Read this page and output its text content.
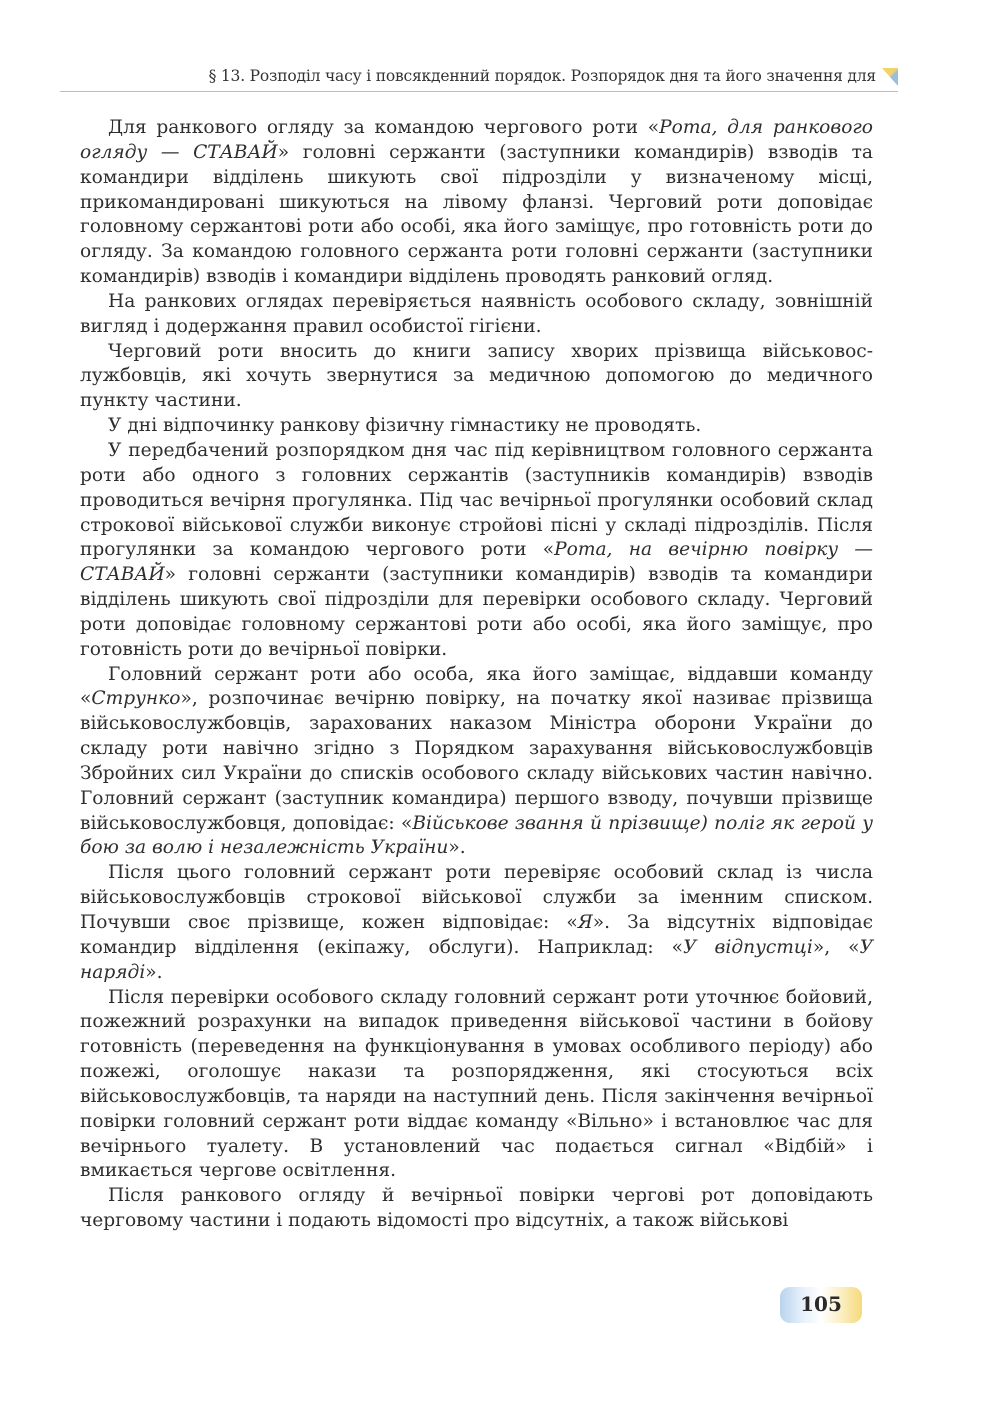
§ 13. Розподіл часу і повсякденний порядок. Розпорядок дня та його значення для

Для ранкового огляду за командою чергового роти «Рота, для ранкового огляду — СТАВАЙ» головні сержанти (заступники командирів) взводів та командири відділень шикують свої підрозділи у визначеному місці, прикомандировані шикуються на лівому фланзі. Черговий роти доповідає головному сержантові роти або особі, яка його заміщує, про готовність роти до огляду. За командою головного сержанта роти головні сержанти (заступники командирів) взводів і командири відділень проводять ранковий огляд.

На ранкових оглядах перевіряється наявність особового складу, зовнішній вигляд і додержання правил особистої гігієни.

Черговий роти вносить до книги запису хворих прізвища військовослужбовців, які хочуть звернутися за медичною допомогою до медичного пункту частини.

У дні відпочинку ранкову фізичну гімнастику не проводять.

У передбачений розпорядком дня час під керівництвом головного сержанта роти або одного з головних сержантів (заступників командирів) взводів проводиться вечірня прогулянка. Під час вечірньої прогулянки особовий склад строкової військової служби виконує стройові пісні у складі підрозділів. Після прогулянки за командою чергового роти «Рота, на вечірню повірку — СТАВАЙ» головні сержанти (заступники командирів) взводів та командири відділень шикують свої підрозділи для перевірки особового складу. Черговий роти доповідає головному сержантові роти або особі, яка його заміщує, про готовність роти до вечірньої повірки.

Головний сержант роти або особа, яка його заміщає, віддавши команду «Струнко», розпочинає вечірню повірку, на початку якої називає прізвища військовослужбовців, зарахованих наказом Міністра оборони України до складу роти навічно згідно з Порядком зарахування військовослужбовців Збройних сил України до списків особового складу військових частин навічно. Головний сержант (заступник командира) першого взводу, почувши прізвище військовослужбовця, доповідає: «Військове звання й прізвище) поліг як герой у бою за волю і незалежність України».

Після цього головний сержант роти перевіряє особовий склад із числа військовослужбовців строкової військової служби за іменним списком. Почувши своє прізвище, кожен відповідає: «Я». За відсутніх відповідає командир відділення (екіпажу, обслуги). Наприклад: «У відпустці», «У наряді».

Після перевірки особового складу головний сержант роти уточнює бойовий, пожежний розрахунки на випадок приведення військової частини в бойову готовність (переведення на функціонування в умовах особливого періоду) або пожежі, оголошує накази та розпорядження, які стосуються всіх військовослужбовців, та наряди на наступний день. Після закінчення вечірньої повірки головний сержант роти віддає команду «Вільно» і встановлює час для вечірнього туалету. В установлений час подається сигнал «Відбій» і вмикається чергове освітлення.

Після ранкового огляду й вечірньої повірки чергові рот доповідають черговому частини і подають відомості про відсутніх, а також військові

105
